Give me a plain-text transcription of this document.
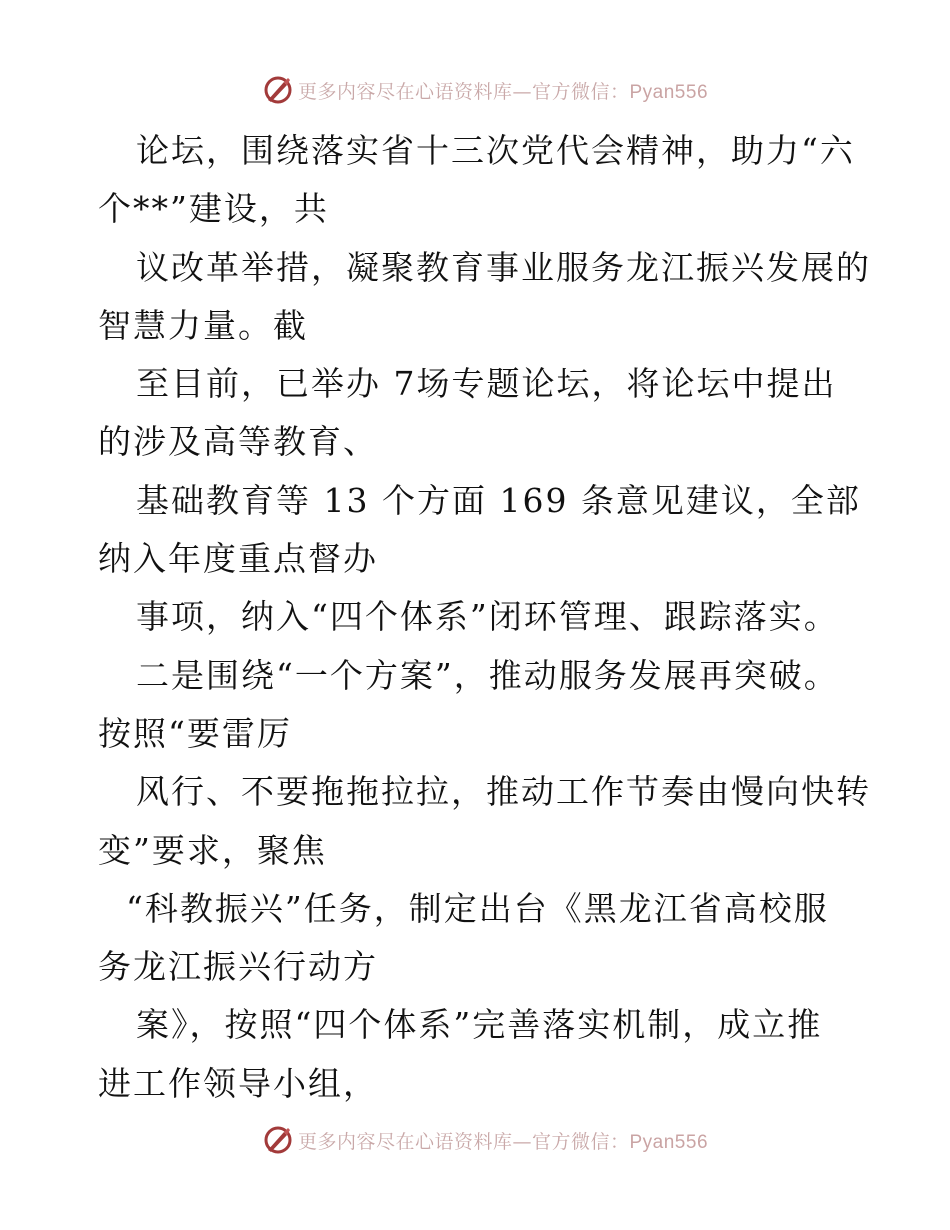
更多内容尽在心语资料库—官方微信：Pyan556
论坛，围绕落实省十三次党代会精神，助力“六
个**”建设，共
议改革举措，凝聚教育事业服务龙江振兴发展的
智慧力量。截
至目前，已举办 7场专题论坛，将论坛中提出
的涉及高等教育、
基础教育等 13 个方面 169 条意见建议，全部
纳入年度重点督办
事项，纳入“四个体系”闭环管理、跟踪落实。
二是围绕“一个方案”，推动服务发展再突破。
按照“要雷厉
风行、不要拖拖拉拉，推动工作节奏由慢向快转
变”要求，聚焦
“科教振兴”任务，制定出台《黑龙江省高校服
务龙江振兴行动方
案》，按照“四个体系”完善落实机制，成立推
进工作领导小组，
更多内容尽在心语资料库—官方微信：Pyan556
